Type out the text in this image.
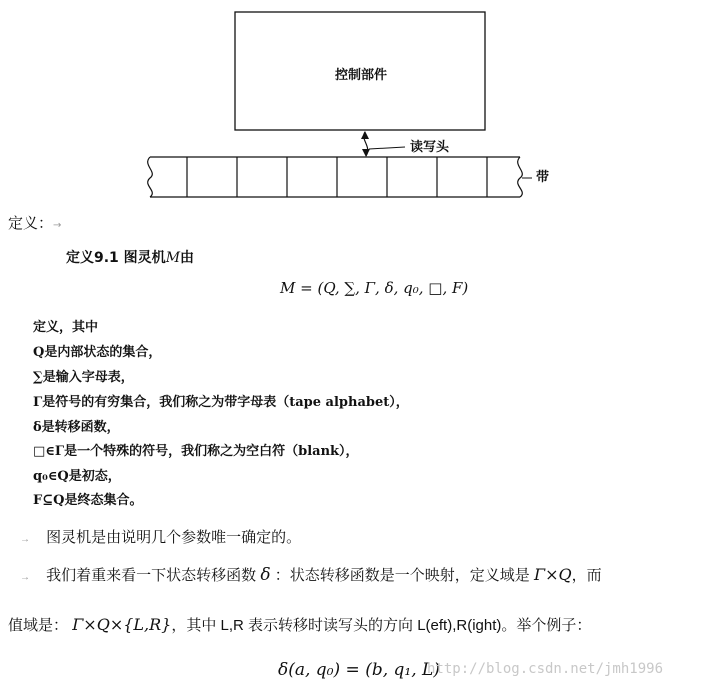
控制部件
读写头
带
定义：→
定义9.1 图灵机M由
M = (Q, ∑, Γ, δ, q₀, □, F)
定义，其中
Q是内部状态的集合，
∑是输入字母表，
Γ是符号的有穷集合，我们称之为带字母表（tape alphabet），
δ是转移函数，
□∈Γ是一个特殊的符号，我们称之为空白符（blank），
q₀∈Q是初态，
F⊆Q是终态集合。
→ 图灵机是由说明几个参数唯一确定的。
→ 我们着重来看一下状态转移函数 δ ：状态转移函数是一个映射，定义域是 Γ×Q，而
值域是： Γ×Q×{L,R}，其中 L,R 表示转移时读写头的方向 L(eft),R(ight)。举个例子：
δ(a, q₀) = (b, q₁, L)
http://blog.csdn.net/jmh1996
